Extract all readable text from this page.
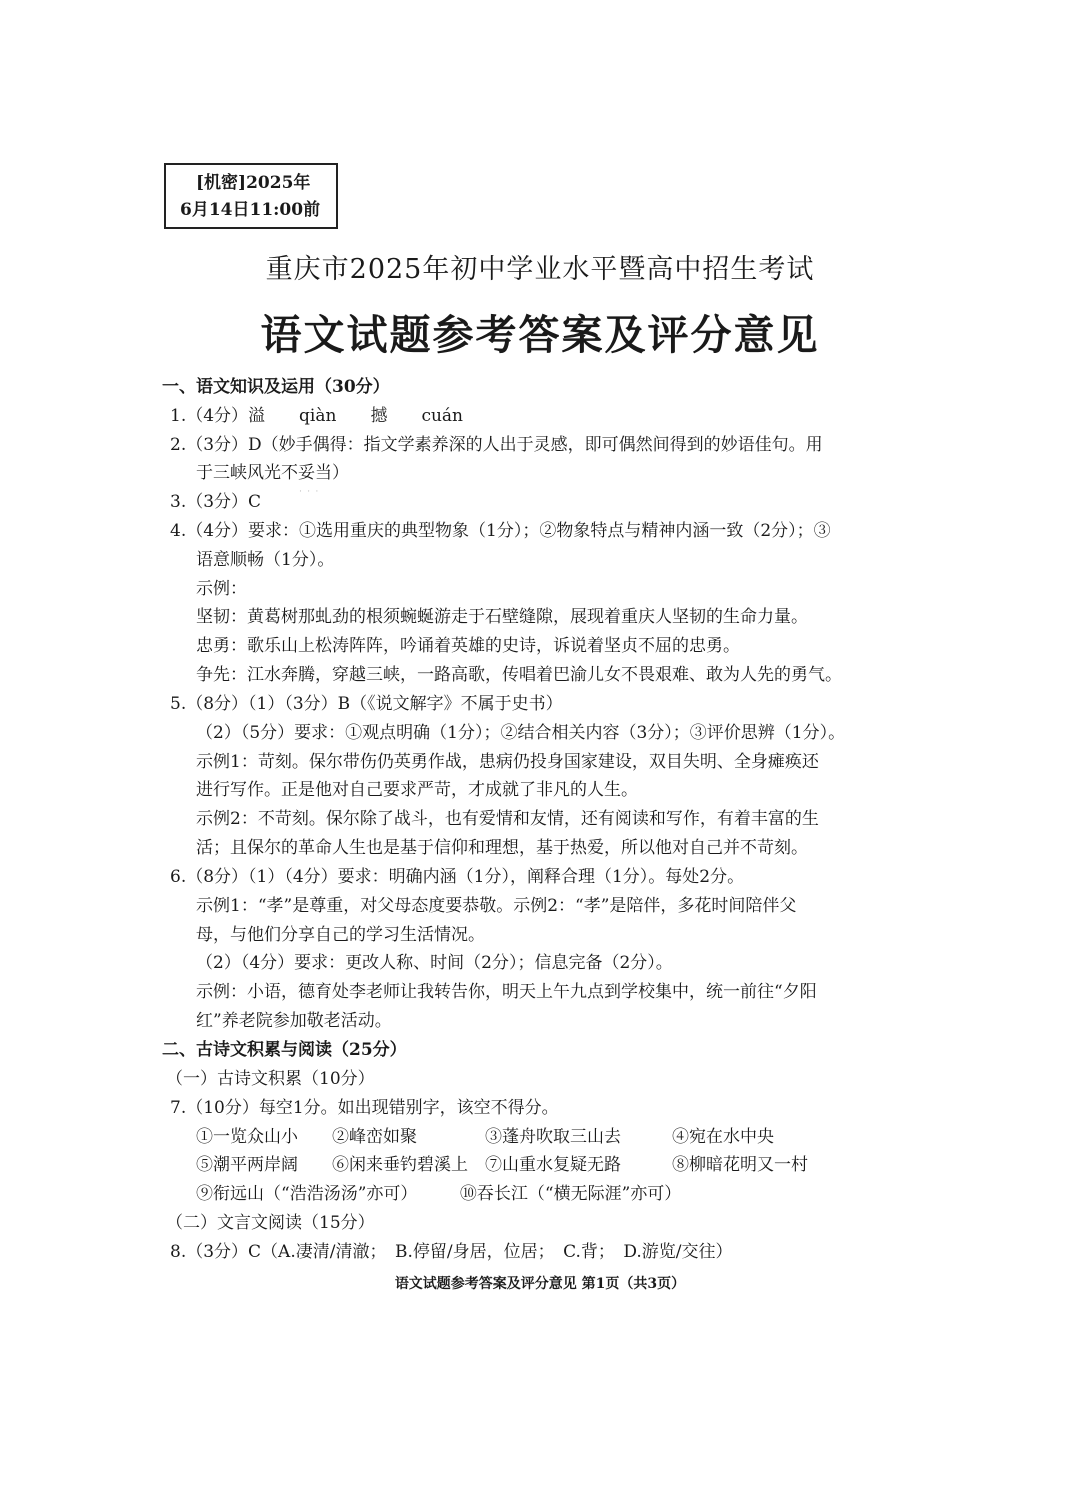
[机密]2025年
6月14日11:00前
重庆市2025年初中学业水平暨高中招生考试
语文试题参考答案及评分意见
˙ ˙ ˙
一、语文知识及运用（30分）
1.（4分）溢　　qiàn　　撼　　cuán
2.（3分）D（妙手偶得：指文学素养深的人出于灵感，即可偶然间得到的妙语佳句。用
于三峡风光不妥当）
3.（3分）C
4.（4分）要求：①选用重庆的典型物象（1分）；②物象特点与精神内涵一致（2分）；③
语意顺畅（1分）。
示例：
坚韧：黄葛树那虬劲的根须蜿蜒游走于石壁缝隙，展现着重庆人坚韧的生命力量。
忠勇：歌乐山上松涛阵阵，吟诵着英雄的史诗，诉说着坚贞不屈的忠勇。
争先：江水奔腾，穿越三峡，一路高歌，传唱着巴渝儿女不畏艰难、敢为人先的勇气。
5.（8分）（1）（3分）B（《说文解字》不属于史书）
（2）（5分）要求：①观点明确（1分）；②结合相关内容（3分）；③评价思辨（1分）。
示例1：苛刻。保尔带伤仍英勇作战，患病仍投身国家建设，双目失明、全身瘫痪还
进行写作。正是他对自己要求严苛，才成就了非凡的人生。
示例2：不苛刻。保尔除了战斗，也有爱情和友情，还有阅读和写作，有着丰富的生
活；且保尔的革命人生也是基于信仰和理想，基于热爱，所以他对自己并不苛刻。
6.（8分）（1）（4分）要求：明确内涵（1分），阐释合理（1分）。每处2分。
示例1：“孝”是尊重，对父母态度要恭敬。示例2：“孝”是陪伴，多花时间陪伴父
母，与他们分享自己的学习生活情况。
（2）（4分）要求：更改人称、时间（2分）；信息完备（2分）。
示例：小语，德育处李老师让我转告你，明天上午九点到学校集中，统一前往“夕阳
红”养老院参加敬老活动。
二、古诗文积累与阅读（25分）
（一）古诗文积累（10分）
7.（10分）每空1分。如出现错别字，该空不得分。
①一览众山小　　②峰峦如聚　　　　③蓬舟吹取三山去　　　④宛在水中央
⑤潮平两岸阔　　⑥闲来垂钓碧溪上　⑦山重水复疑无路　　　⑧柳暗花明又一村
⑨衔远山（“浩浩汤汤”亦可）　　　⑩吞长江（“横无际涯”亦可）
（二）文言文阅读（15分）
8.（3分）C（A.凄清/清澈；　B.停留/身居，位居；　C.背；　D.游览/交往）
语文试题参考答案及评分意见 第1页（共3页）
